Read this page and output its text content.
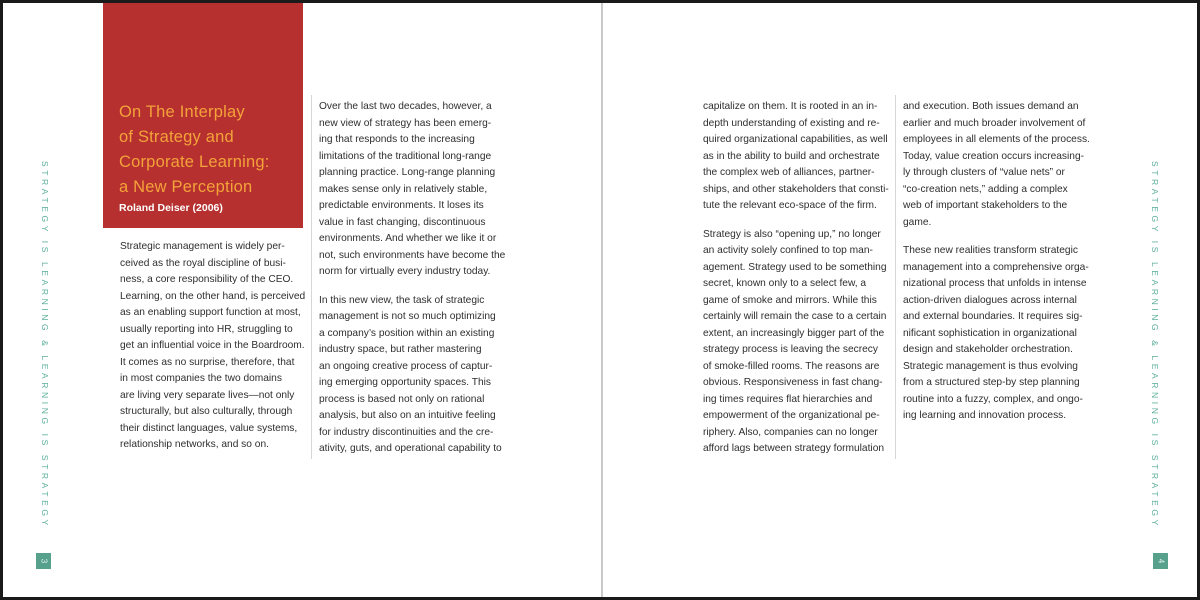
On The Interplay
of Strategy and
Corporate Learning:
a New Perception
Roland Deiser (2006)
STRATEGY IS LEARNING & LEARNING IS STRATEGY	STRATEGY IS LEARNING & LEARNING IS STRATEGY
3	4

Strategic management is widely per-
ceived as the royal discipline of busi-
ness, a core responsibility of the CEO.
Learning, on the other hand, is perceived
as an enabling support function at most,
usually reporting into HR, struggling to
get an influential voice in the Boardroom.
It comes as no surprise, therefore, that
in most companies the two domains
are living very separate lives—not only
structurally, but also culturally, through
their distinct languages, value systems,
relationship networks, and so on.

Over the last two decades, however, a
new view of strategy has been emerg-
ing that responds to the increasing
limitations of the traditional long-range
planning practice. Long-range planning
makes sense only in relatively stable,
predictable environments. It loses its
value in fast changing, discontinuous
environments. And whether we like it or
not, such environments have become the
norm for virtually every industry today.

In this new view, the task of strategic
management is not so much optimizing
a company’s position within an existing
industry space, but rather mastering
an ongoing creative process of captur-
ing emerging opportunity spaces. This
process is based not only on rational
analysis, but also on an intuitive feeling
for industry discontinuities and the cre-
ativity, guts, and operational capability to

capitalize on them. It is rooted in an in-
depth understanding of existing and re-
quired organizational capabilities, as well
as in the ability to build and orchestrate
the complex web of alliances, partner-
ships, and other stakeholders that consti-
tute the relevant eco-space of the firm.

Strategy is also “opening up,” no longer
an activity solely confined to top man-
agement. Strategy used to be something
secret, known only to a select few, a
game of smoke and mirrors. While this
certainly will remain the case to a certain
extent, an increasingly bigger part of the
strategy process is leaving the secrecy
of smoke-filled rooms. The reasons are
obvious. Responsiveness in fast chang-
ing times requires flat hierarchies and
empowerment of the organizational pe-
riphery. Also, companies can no longer
afford lags between strategy formulation

and execution. Both issues demand an
earlier and much broader involvement of
employees in all elements of the process.
Today, value creation occurs increasing-
ly through clusters of “value nets” or
“co-creation nets,” adding a complex
web of important stakeholders to the
game.

These new realities transform strategic
management into a comprehensive orga-
nizational process that unfolds in intense
action-driven dialogues across internal
and external boundaries. It requires sig-
nificant sophistication in organizational
design and stakeholder orchestration.
Strategic management is thus evolving
from a structured step-by step planning
routine into a fuzzy, complex, and ongo-
ing learning and innovation process.
